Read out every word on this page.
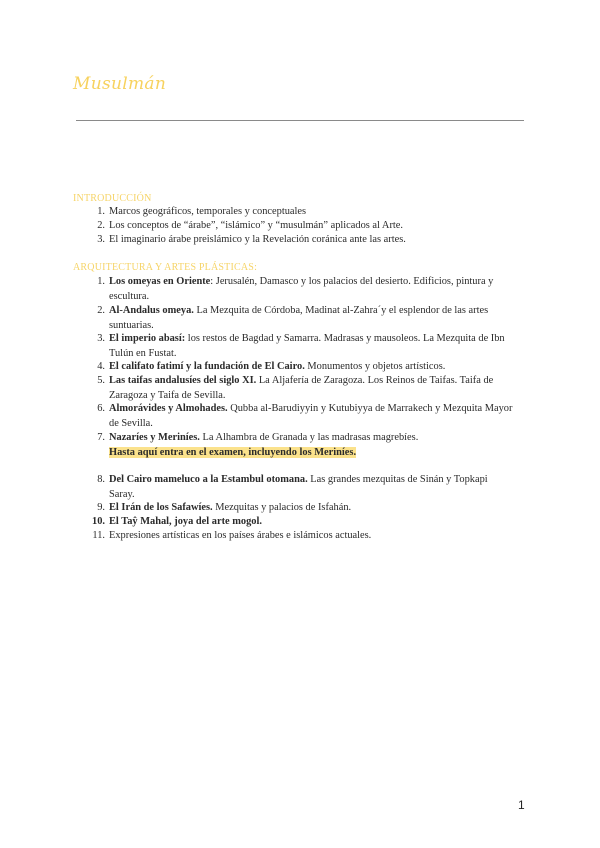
Musulmán
INTRODUCCIÓN
1. Marcos geográficos, temporales y conceptuales
2. Los conceptos de “árabe”, “islámico” y “musulmán” aplicados al Arte.
3. El imaginario árabe preislámico y la Revelación coránica ante las artes.
ARQUITECTURA Y ARTES PLÁSTICAS:
1. Los omeyas en Oriente: Jerusalén, Damasco y los palacios del desierto. Edificios, pintura y escultura.
2. Al-Andalus omeya. La Mezquita de Córdoba, Madinat al-Zahra´y el esplendor de las artes suntuarias.
3. El imperio abasí: los restos de Bagdad y Samarra. Madrasas y mausoleos. La Mezquita de Ibn Tulún en Fustat.
4. El califato fatimí y la fundación de El Cairo. Monumentos y objetos artísticos.
5. Las taifas andalusíes del siglo XI. La Aljafería de Zaragoza. Los Reinos de Taifas. Taifa de Zaragoza y Taifa de Sevilla.
6. Almorávides y Almohades. Qubba al-Barudiyyin y Kutubiyya de Marrakech y Mezquita Mayor de Sevilla.
7. Nazaríes y Meriníes. La Alhambra de Granada y las madrasas magrebíes.
Hasta aquí entra en el examen, incluyendo los Meriníes.
8. Del Cairo mameluco a la Estambul otomana. Las grandes mezquitas de Sinán y Topkapi Saray.
9. El Irán de los Safawíes. Mezquitas y palacios de Isfahán.
10. El Taŷ Mahal, joya del arte mogol.
11. Expresiones artísticas en los países árabes e islámicos actuales.
1
